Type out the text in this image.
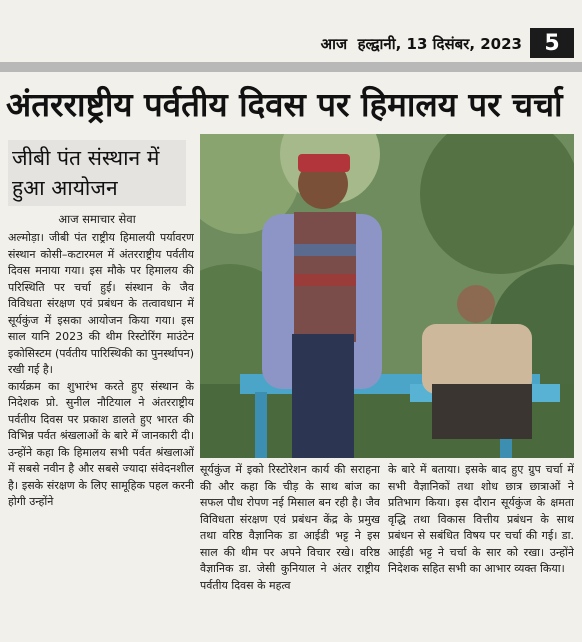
आज हल्द्वानी, 13 दिसंबर, 2023	5
अंतरराष्ट्रीय पर्वतीय दिवस पर हिमालय पर चर्चा
जीबी पंत संस्थान में हुआ आयोजन
आज समाचार सेवा

अल्मोड़ा। जीबी पंत राष्ट्रीय हिमालयी पर्यावरण संस्थान कोसी–कटारमल में अंतरराष्ट्रीय पर्वतीय दिवस मनाया गया। इस मौके पर हिमालय की परिस्थिति पर चर्चा हुई। संस्थान के जैव विविधता संरक्षण एवं प्रबंधन के तत्वावधान में सूर्यकुंज में इसका आयोजन किया गया। इस साल यानि 2023 की थीम रिस्टोरिंग माउंटेन इकोसिस्टम (पर्वतीय पारिस्थिकी का पुनर्स्थापन) रखी गई है।

कार्यक्रम का शुभारंभ करते हुए संस्थान के निदेशक प्रो. सुनील नौटियाल ने अंतरराष्ट्रीय पर्वतीय दिवस पर प्रकाश डालते हुए भारत की विभिन्न पर्वत श्रंखलाओं के बारे में जानकारी दी। उन्होंने कहा कि हिमालय सभी पर्वत श्रंखलाओं में सबसे नवीन है और सबसे ज्यादा संवेदनशील है। इसके संरक्षण के लिए सामूहिक पहल करनी होगी उन्होंने

सूर्यकुंज में इको रिस्टोरेशन कार्य की सराहना की और कहा कि चीड़ के साथ बांज का सफल पौध रोपण नई मिसाल बन रही है। जैव विविधता संरक्षण एवं प्रबंधन केंद्र के प्रमुख तथा वरिष्ठ वैज्ञानिक डा आईडी भट्ट ने इस साल की थीम पर अपने विचार रखे। वरिष्ठ वैज्ञानिक डा. जेसी कुनियाल ने अंतर राष्ट्रीय पर्वतीय दिवस के महत्व
के बारे में बताया। इसके बाद हुए ग्रुप चर्चा में सभी वैज्ञानिकों तथा शोध छात्र छात्राओं ने प्रतिभाग किया। इस दौरान सूर्यकुंज के क्षमता वृद्धि तथा विकास वित्तीय प्रबंधन के साथ प्रबंधन से सबंधित विषय पर चर्चा की गई। डा. आईडी भट्ट ने चर्चा के सार को रखा। उन्होंने निदेशक सहित सभी का आभार व्यक्त किया।
